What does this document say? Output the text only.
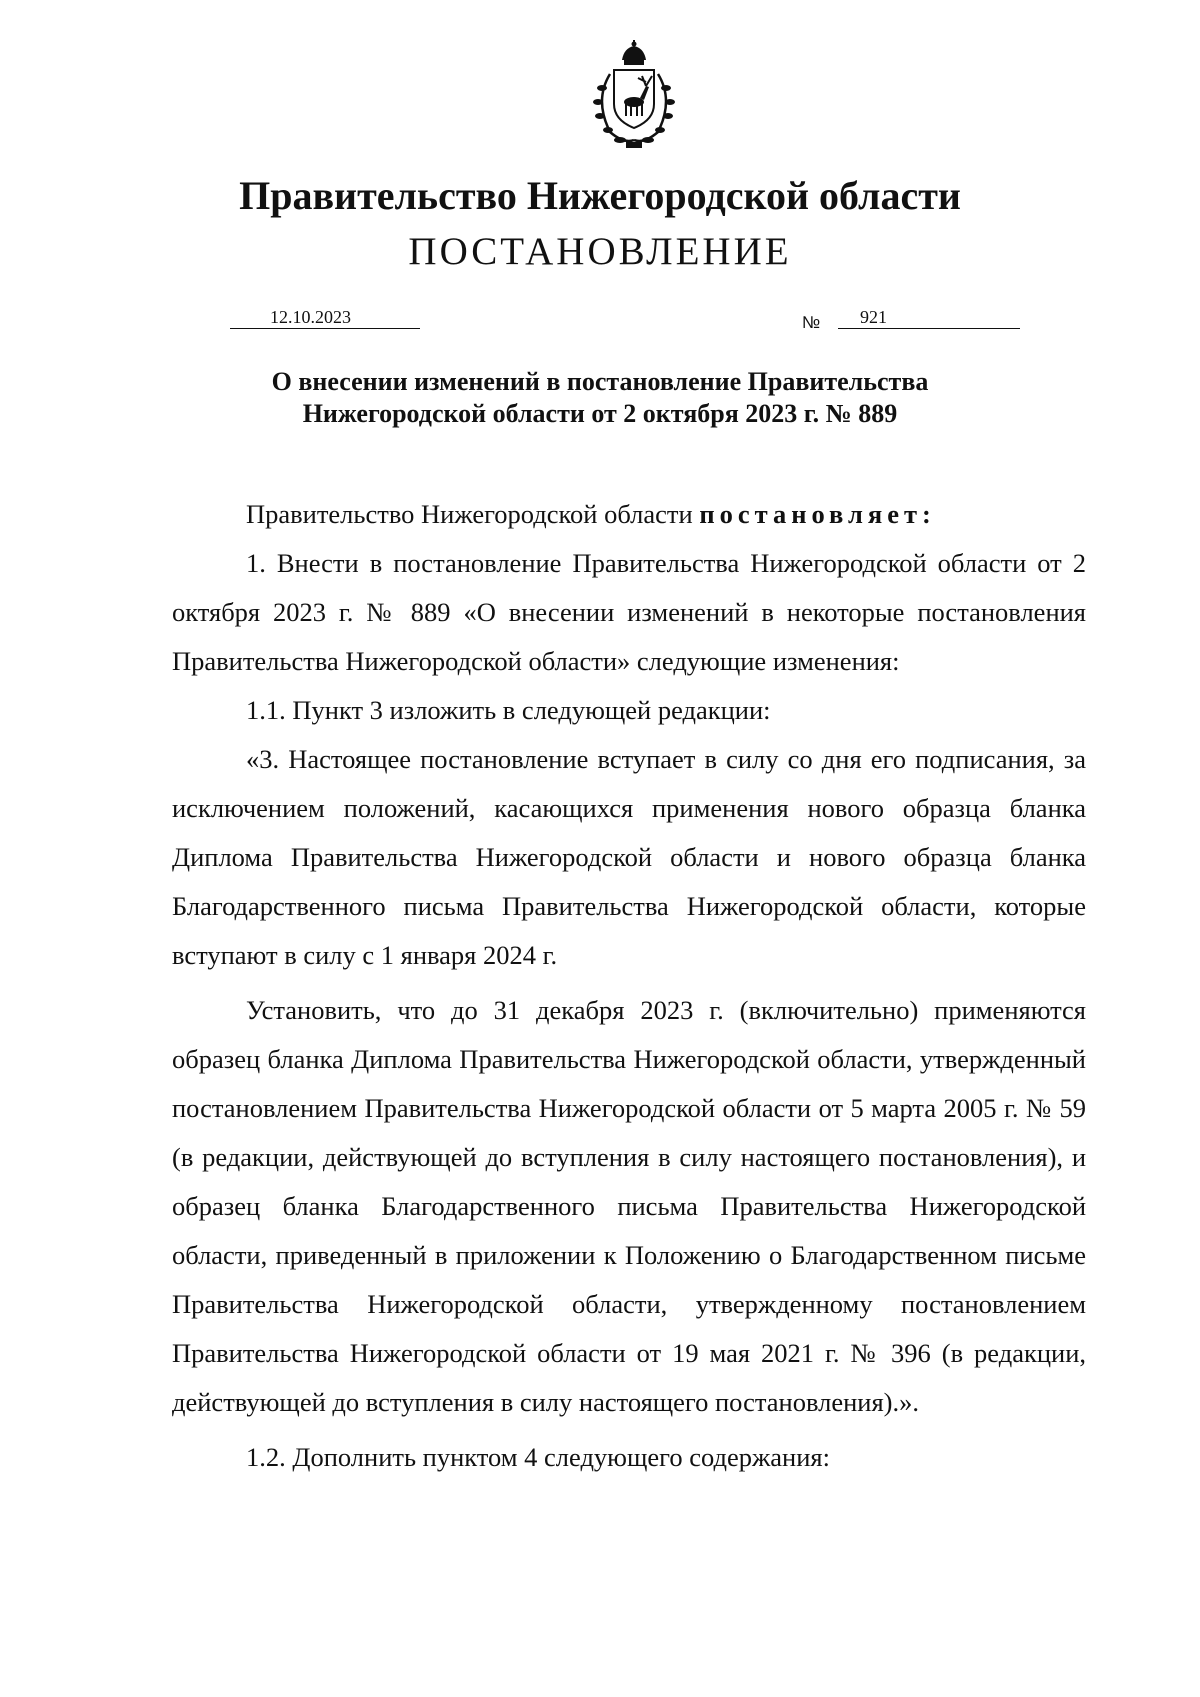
Правительство Нижегородской области
ПОСТАНОВЛЕНИЕ
12.10.2023	№	921
О внесении изменений в постановление Правительства
Нижегородской области от 2 октября 2023 г. № 889

Правительство Нижегородской области постановляет:

1. Внести в постановление Правительства Нижегородской области от 2 октября 2023 г. № 889 «О внесении изменений в некоторые постановления Правительства Нижегородской области» следующие изменения:

1.1. Пункт 3 изложить в следующей редакции:

«3. Настоящее постановление вступает в силу со дня его подписания, за исключением положений, касающихся применения нового образца бланка Диплома Правительства Нижегородской области и нового образца бланка Благодарственного письма Правительства Нижегородской области, которые вступают в силу с 1 января 2024 г.

Установить, что до 31 декабря 2023 г. (включительно) применяются образец бланка Диплома Правительства Нижегородской области, утвержденный постановлением Правительства Нижегородской области от 5 марта 2005 г. № 59 (в редакции, действующей до вступления в силу настоящего постановления), и образец бланка Благодарственного письма Правительства Нижегородской области, приведенный в приложении к Положению о Благодарственном письме Правительства Нижегородской области, утвержденному постановлением Правительства Нижегородской области от 19 мая 2021 г. № 396 (в редакции, действующей до вступления в силу настоящего постановления).».

1.2. Дополнить пунктом 4 следующего содержания:
